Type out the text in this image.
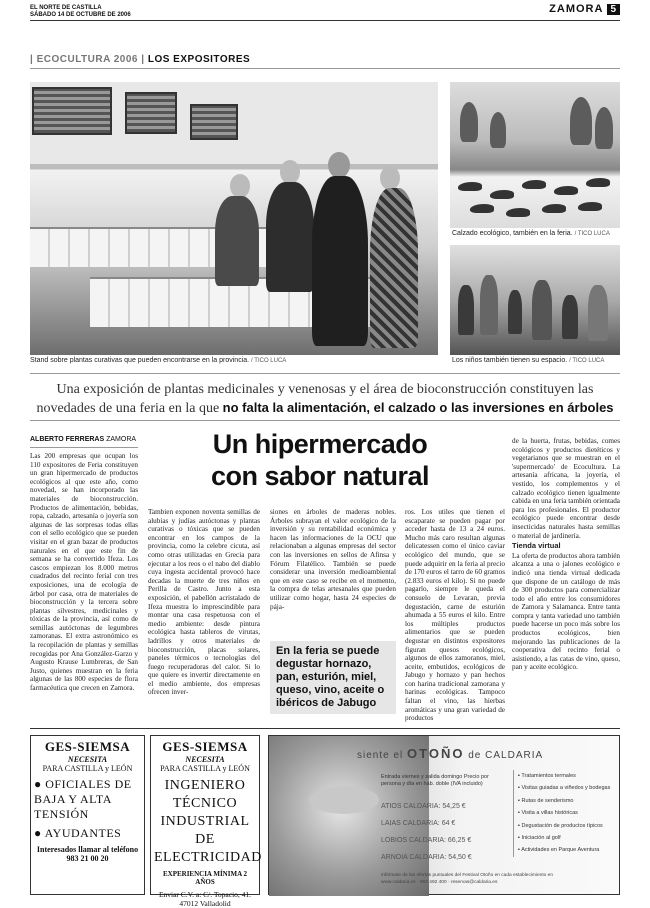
EL NORTE DE CASTILLA
SÁBADO 14 DE OCTUBRE DE 2006	ZAMORA 5
| ECOCULTURA 2006 | LOS EXPOSITORES
Stand sobre plantas curativas que pueden encontrarse en la provincia. / TICO LUCA
Calzado ecológico, también en la feria. / TICO LUCA
Los niños también tienen su espacio. / TICO LUCA
Una exposición de plantas medicinales y venenosas y el área de bioconstrucción constituyen las
novedades de una feria en la que no falta la alimentación, el calzado o las inversiones en árboles
ALBERTO FERRERAS ZAMORA	Un hipermercado
con sabor natural
Las 200 empresas que ocupan los 110 expositores de Feria constituyen un gran hipermercado de productos ecológicos al que este año, como novedad, se han incorporado las materiales de bioconstrucción. Productos de alimentación, bebidas, ropa, calzado, artesanía o joyería son algunas de las sorpresas todas ellas con el sello ecológico que se pueden visitar en el gran bazar de productos naturales en el que este fin de semana se ha convertido Ifeza. Los cascos empiezan los 8.000 metros cuadrados del recinto ferial con tres exposiciones, una de ecología de árbol por casa, otra de materiales de bioconstrucción y la tercera sobre plantas silvestres, medicinales y tóxicas de la provincia, así como de semillas autóctonas de legumbres zamoranas. El extra astronómico es la recopilación de plantas y semillas recogidas por Ana González-Garzo y Augusto Krause Lumbreras, de San Justo, quienes muestran en la feria algunas de las 800 especies de flora farmacéutica que crecen en Zamora.
Tambien exponen noventa semillas de alubias y judías autóctonas y plantas curativas o tóxicas que se pueden encontrar en los campos de la provincia, como la celebre cicuta, así como otras utilizadas en Grecia para ejecutar a los reos o el nabo del diablo cuya ingesta accidental provocó hace decadas la muerte de tres niños en Perilla de Castro. Junto a esta exposición, el pabellón acristalado de Ifeza muestra lo imprescindible para montar una casa respetuosa con el medio ambiente: desde pintura ecológica hasta tableros de virutas, ladrillos y otros materiales de bioconstrucción, placas solares, paneles térmicos o tecnologías del fuego recuperadoras del calor. Si lo que quiere es invertir directamente en el medio ambiente, dos empresas ofrecen inver-
siones en árboles de maderas nobles. Árboles subrayan el valor ecológico de la inversión y su rentabilidad económica y hacen las informaciones de la OCU que relacionaban a algunas empresas del sector con las inversiones en sellos de Afinsa y Fórum Filatélico. También se puede considerar una inversión medioambiental que en este caso se recibe en el momento, la compra de telas artesanales que pueden utilizar como hogar, hasta 24 especies de pája-
En la feria se puede degustar hornazo, pan, esturión, miel, queso, vino, aceite o ibéricos de Jabugo
ros. Los utiles que tienen el escaparate se pueden pagar por acceder hasta de 13 a 24 euros. Mucho más caro resultan algunas delicatessen como el único caviar ecológico del mundo, que se puede adquirir en la feria al precio de 170 euros el tarro de 60 gramos (2.833 euros el kilo). Si no puede pagarlo, siempre le queda el consuelo de Levaran, previa degustación, carne de esturión ahumada a 55 euros el kilo. Entre los múltiples productos alimentarios que se pueden degustar en distintos expositores figuran quesos ecológicos, algunos de ellos zamoranos, miel, aceite, embutidos, ecológicos de Jabugo y hornazo y pan hechos con harina tradicional zamorana y harinas ecológicas. Tampoco faltan el vino, las hierbas aromáticas y una gran variedad de productos
de la huerta, frutas, bebidas, comes ecológicos y productos dietéticos y vegetarianos que se muestran en el 'supermercado' de Ecocultura. La artesanía africana, la joyería, el vestido, los complementos y el calzado ecológico tienen igualmente cabida en una feria también orientada para los profesionales. El productor ecológico puede encontrar desde insecticidas naturales hasta semillas o material de jardinería.
Tienda virtual
La oferta de productos ahora también alcanza a una o jalones ecológico e indicó una tienda virtual dedicada que dispone de un catálogo de más de 300 productos para comercializar todo el año entre los consumidores de Zamora y Salamanca. Entre tanta compra y tanta variedad uno también puede hacerse un poco más sobre los productos ecológicos, bien mejorando las publicaciones de la cooperativa del recinto ferial o asistiendo, a las catas de vino, queso, pan y aceite ecológico.
GES-SIEMSA
NECESITA
PARA CASTILLA y LEÓN
● OFICIALES DE BAJA Y ALTA TENSIÓN
● AYUDANTES
Interesados llamar al teléfono 983 21 00 20
GES-SIEMSA
NECESITA
PARA CASTILLA y LEÓN
INGENIERO TÉCNICO INDUSTRIAL DE ELECTRICIDAD
EXPERIENCIA MÍNIMA 2 AÑOS
Enviar C.V. a: C/. Topacio, 41. 47012 Valladolid
siente el OTOÑO de CALDARIA
Entrada viernes y salida domingo Precio por persona y día en hab. doble (IVA incluido)
ATIOS CALDARIA: 54,25 €
LAIAS CALDARIA: 64 €
LOBIOS CALDARIA: 66,25 €
ARNOIA CALDARIA: 54,50 €
▪ Tratamientos termales
▪ Visitas guiadas a viñedos y bodegas
▪ Rutas de senderismo
▪ Visita a villas históricas
▪ Degustación de productos típicos
▪ Iniciación al golf
▪ Actividades en Parque Aventura
infórmate de las ofertas puntuales del Festival Otoño en cada establecimiento en
www.caldaria.es · 902 492 400 · reservas@caldaria.es
